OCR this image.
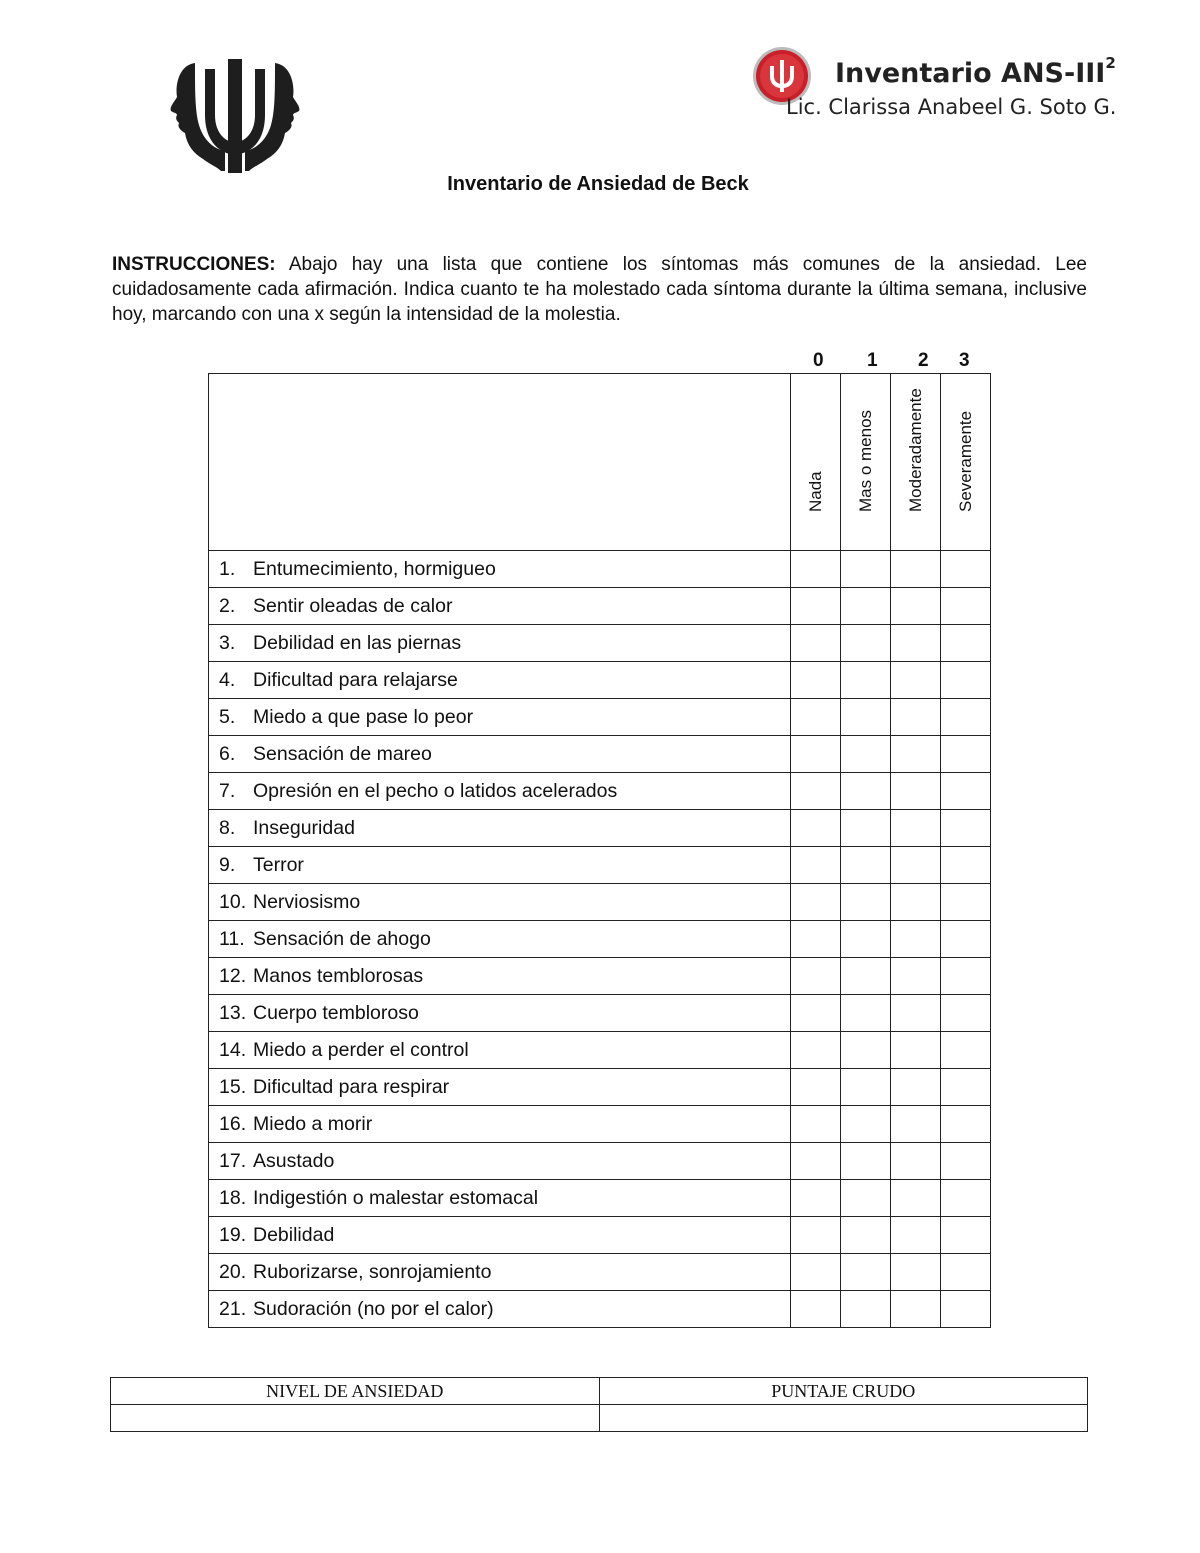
Inventario ANS-III$^2$
Lic. Clarissa Anabeel G. Soto G.
Inventario de Ansiedad de Beck
INSTRUCCIONES: Abajo hay una lista que contiene los síntomas más comunes de la ansiedad. Lee cuidadosamente cada afirmación. Indica cuanto te ha molestado cada síntoma durante la última semana, inclusive hoy, marcando con una x según la intensidad de la molestia.
0 1 2 3

	Nada	Mas o menos	Moderadamente	Severamente

1. Entumecimiento, hormigueo				
2. Sentir oleadas de calor				
3. Debilidad en las piernas				
4. Dificultad para relajarse				
5. Miedo a que pase lo peor				
6. Sensación de mareo				
7. Opresión en el pecho o latidos acelerados				
8. Inseguridad				
9. Terror				
10. Nerviosismo				
11. Sensación de ahogo				
12. Manos temblorosas				
13. Cuerpo tembloroso				
14. Miedo a perder el control				
15. Dificultad para respirar				
16. Miedo a morir				
17. Asustado				
18. Indigestión o malestar estomacal				
19. Debilidad				
20. Ruborizarse, sonrojamiento				
21. Sudoración (no por el calor)				
NIVEL DE ANSIEDAD	PUNTAJE CRUDO
